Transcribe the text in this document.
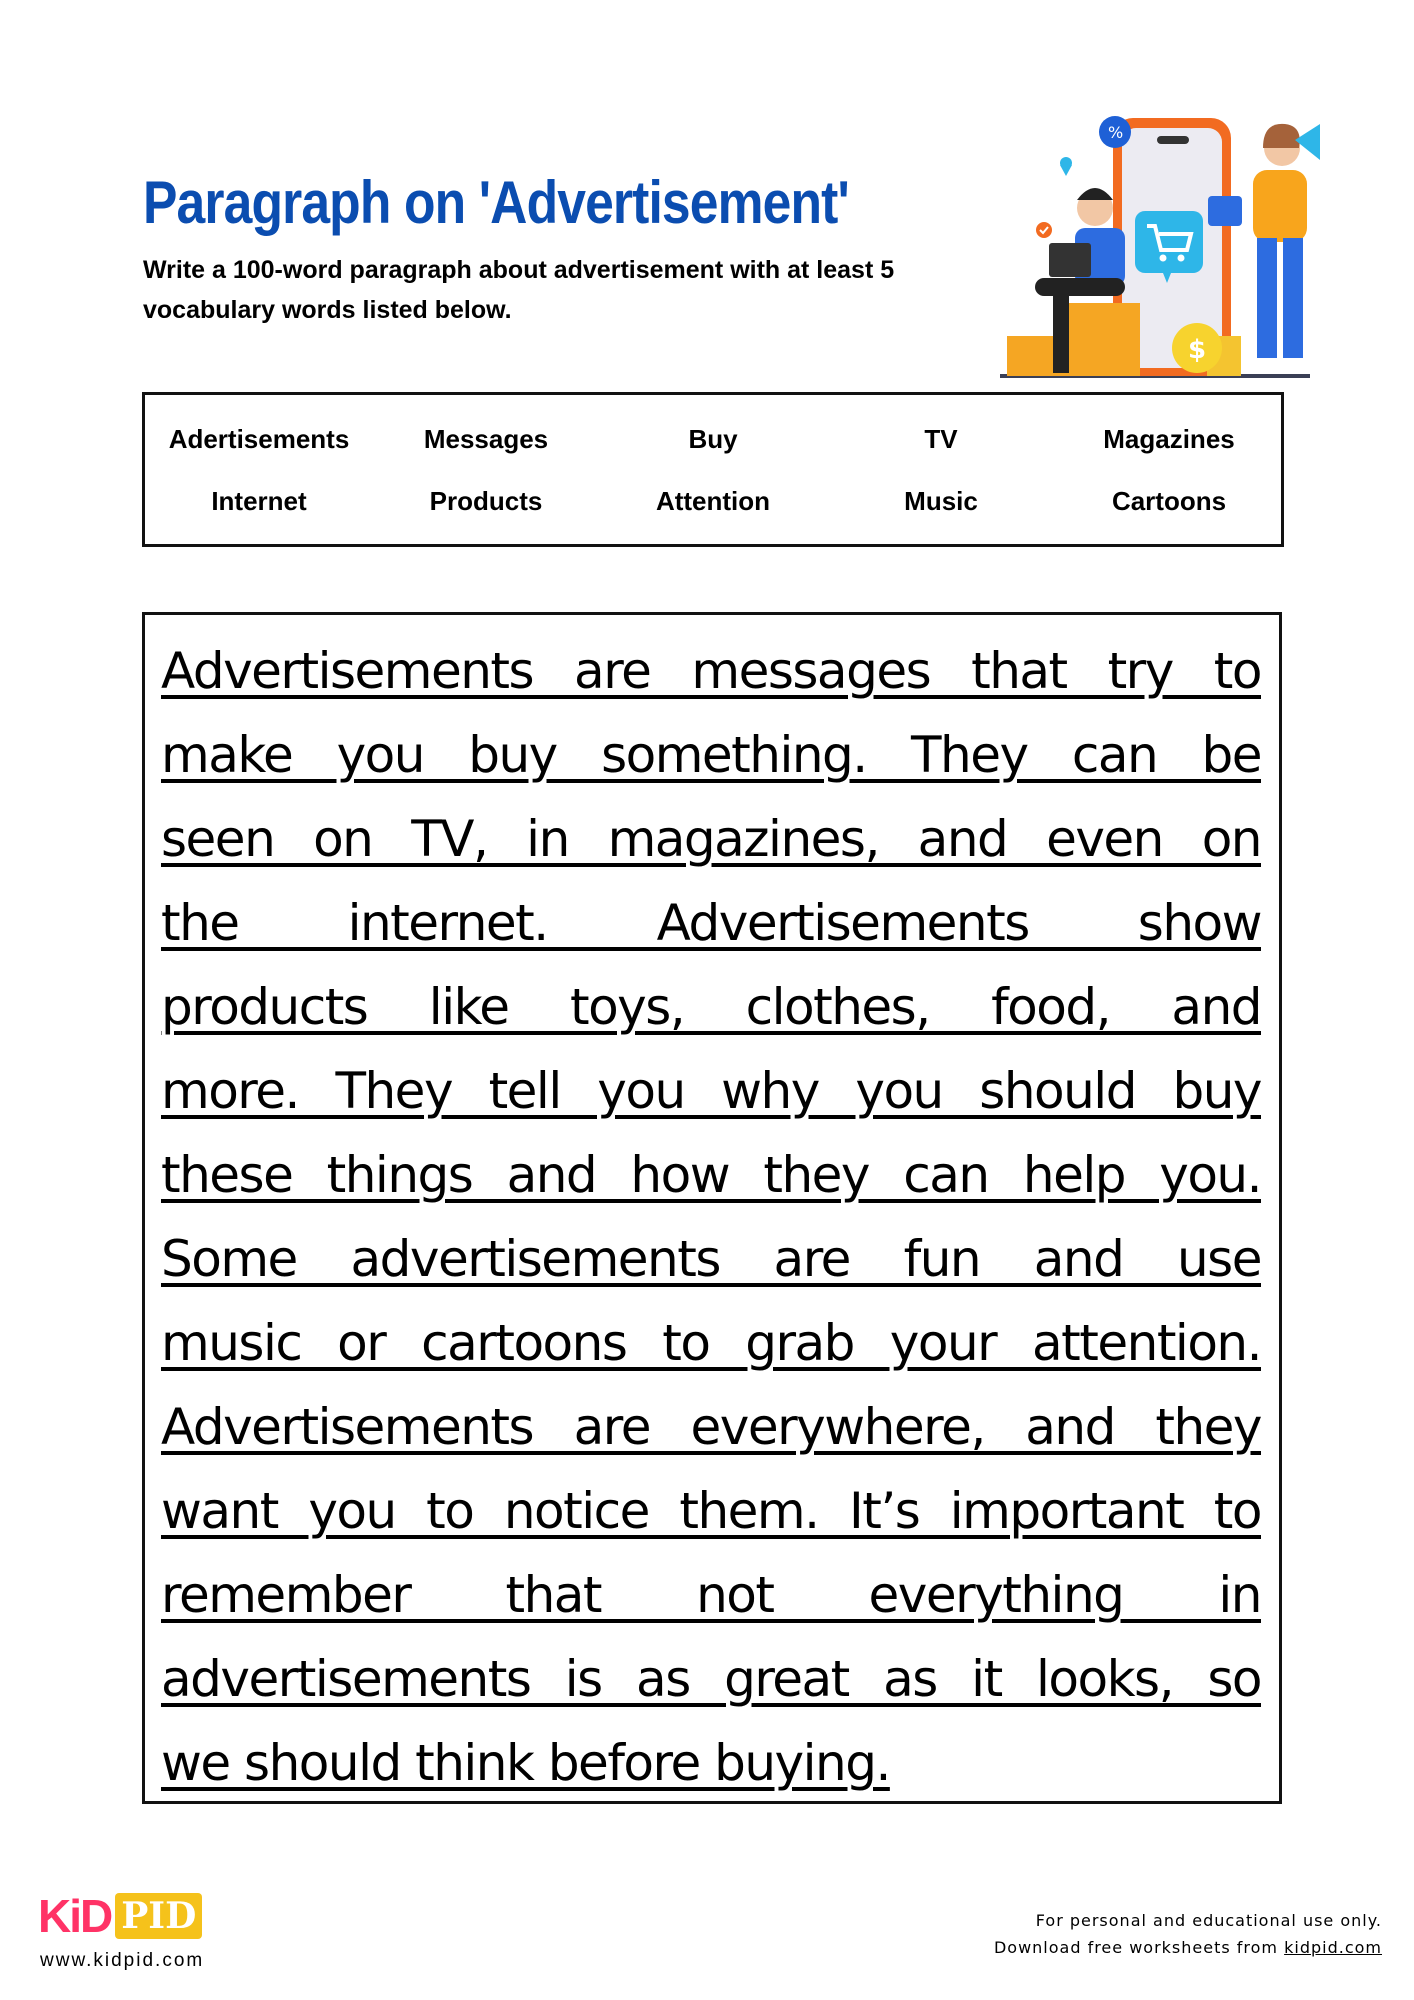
Paragraph on 'Advertisement'
Write a 100-word paragraph about advertisement with at least 5 vocabulary words listed below.
%
$
Adertisements	Messages	Buy	TV	Magazines
Internet	Products	Attention	Music	Cartoons
Advertisements are messages that try to
make you buy something. They can be
seen on TV, in magazines, and even on
the internet. Advertisements show
products like toys, clothes, food, and
more. They tell you why you should buy
these things and how they can help you.
Some advertisements are fun and use
music or cartoons to grab your attention.
Advertisements are everywhere, and they
want you to notice them. It’s important to
remember that not everything in
advertisements is as great as it looks, so
we should think before buying.
KiD PID
www.kidpid.com
For personal and educational use only.
Download free worksheets from kidpid.com
